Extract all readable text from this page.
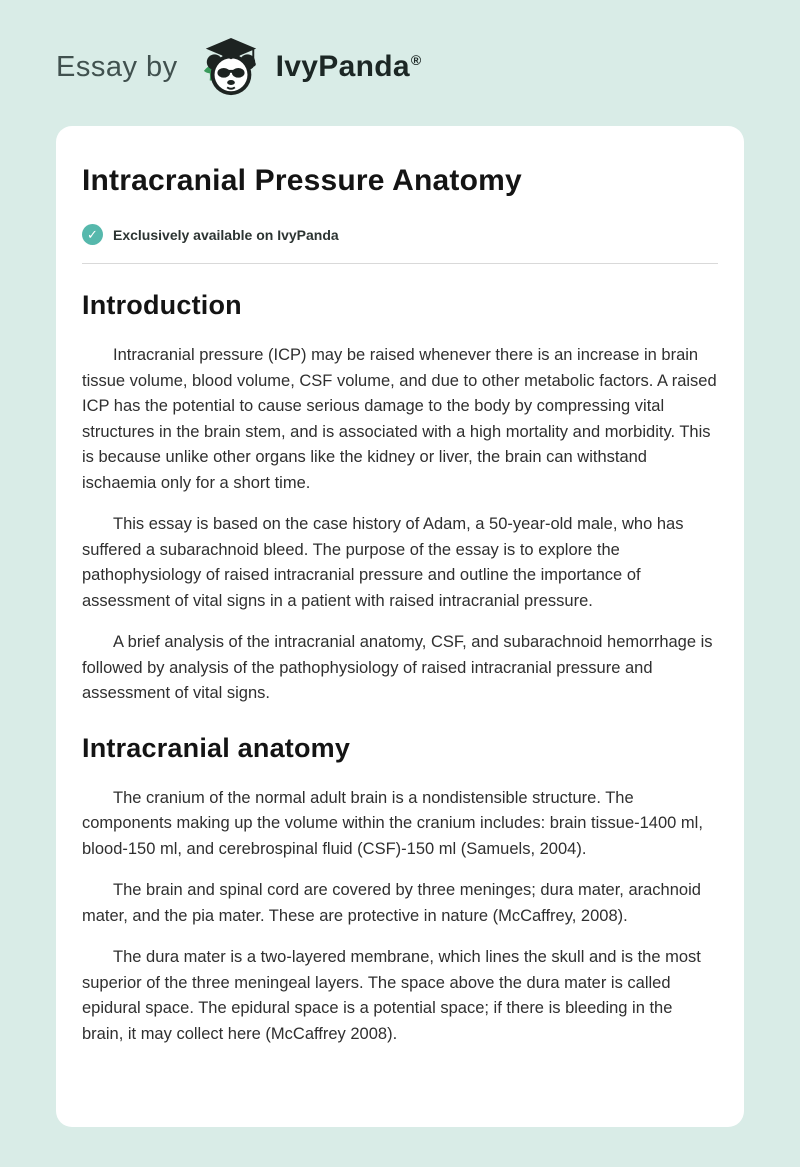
Essay by	IvyPanda ®
Intracranial Pressure Anatomy
✓	Exclusively available on IvyPanda
Introduction

Intracranial pressure (ICP) may be raised whenever there is an increase in brain tissue volume, blood volume, CSF volume, and due to other metabolic factors. A raised ICP has the potential to cause serious damage to the body by compressing vital structures in the brain stem, and is associated with a high mortality and morbidity. This is because unlike other organs like the kidney or liver, the brain can withstand ischaemia only for a short time.

This essay is based on the case history of Adam, a 50-year-old male, who has suffered a subarachnoid bleed. The purpose of the essay is to explore the pathophysiology of raised intracranial pressure and outline the importance of assessment of vital signs in a patient with raised intracranial pressure.

A brief analysis of the intracranial anatomy, CSF, and subarachnoid hemorrhage is followed by analysis of the pathophysiology of raised intracranial pressure and assessment of vital signs.

Intracranial anatomy

The cranium of the normal adult brain is a nondistensible structure. The components making up the volume within the cranium includes: brain tissue-1400 ml, blood-150 ml, and cerebrospinal fluid (CSF)-150 ml (Samuels, 2004).

The brain and spinal cord are covered by three meninges; dura mater, arachnoid mater, and the pia mater. These are protective in nature (McCaffrey, 2008).

The dura mater is a two-layered membrane, which lines the skull and is the most superior of the three meningeal layers. The space above the dura mater is called epidural space. The epidural space is a potential space; if there is bleeding in the brain, it may collect here (McCaffrey 2008).
